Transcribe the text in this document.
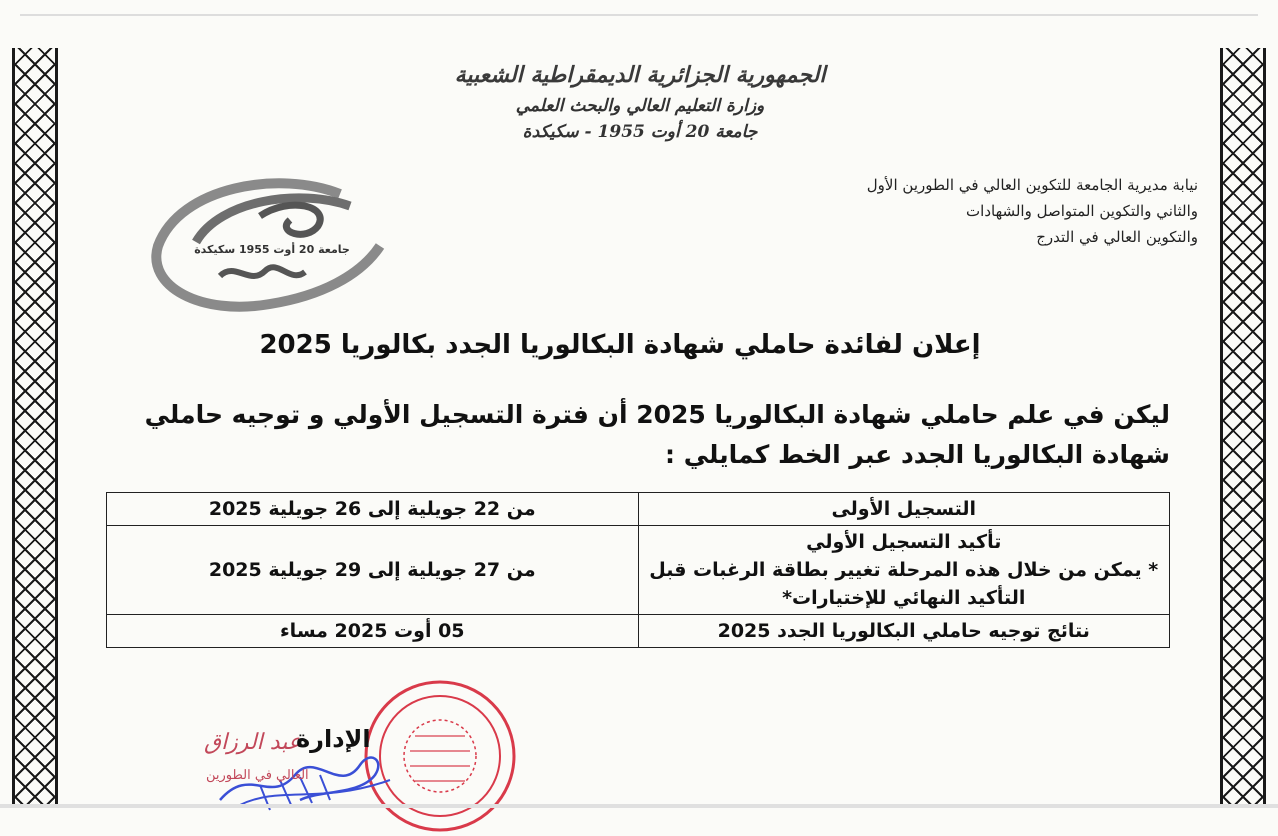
الجمهورية الجزائرية الديمقراطية الشعبية
وزارة التعليم العالي والبحث العلمي
جامعة 20 أوت 1955 - سكيكدة
نيابة مديرية الجامعة للتكوين العالي في الطورين الأول
والثاني والتكوين المتواصل والشهادات
والتكوين العالي في التدرج
جامعة 20 أوت 1955 سكيكدة
إعلان لفائدة حاملي شهادة البكالوريا الجدد بكالوريا 2025
ليكن في علم حاملي شهادة البكالوريا 2025 أن فترة التسجيل الأولي و توجيه حاملي شهادة البكالوريا الجدد عبر الخط كمايلي :
التسجيل الأولى	من 22 جويلية إلى 26 جويلية 2025

تأكيد التسجيل الأولي
* يمكن من خلال هذه المرحلة تغيير بطاقة الرغبات قبل
التأكيد النهائي للإختيارات*	من 27 جويلية إلى 29 جويلية 2025
نتائج توجيه حاملي البكالوريا الجدد 2025	05 أوت 2025 مساء
عبد الرزاق
العالي في الطورين
الإدارة
